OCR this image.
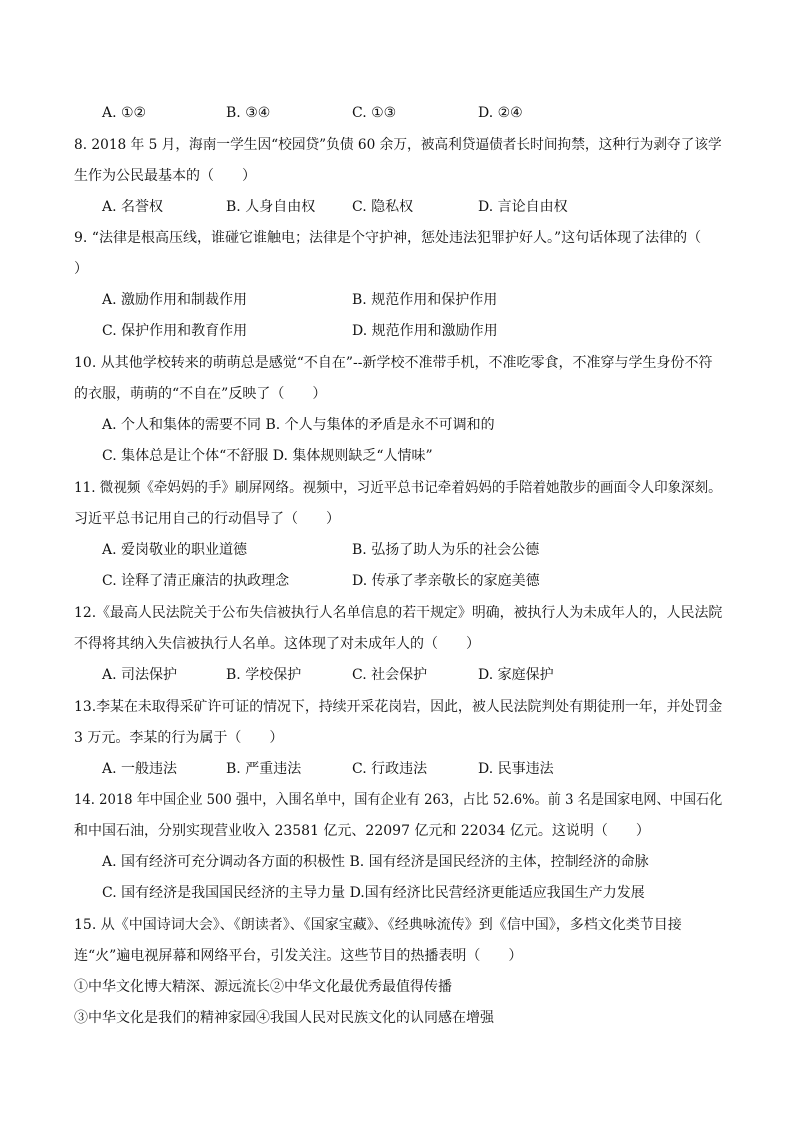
A. ①②	B. ③④	C. ①③	D. ②④
8. 2018 年 5 月，海南一学生因“校园贷”负债 60 余万，被高利贷逼债者长时间拘禁，这种行为剥夺了该学
生作为公民最基本的（　　）
A. 名誉权	B. 人身自由权	C. 隐私权	D. 言论自由权
9. “法律是根高压线，谁碰它谁触电；法律是个守护神，惩处违法犯罪护好人。”这句话体现了法律的（
）
A. 激励作用和制裁作用	B. 规范作用和保护作用
C. 保护作用和教育作用	D. 规范作用和激励作用
10. 从其他学校转来的萌萌总是感觉“不自在”--新学校不准带手机，不准吃零食，不准穿与学生身份不符
的衣服，萌萌的“不自在”反映了（　　）
A. 个人和集体的需要不同 B. 个人与集体的矛盾是永不可调和的
C. 集体总是让个体“不舒服 D. 集体规则缺乏“人情味”
11. 微视频《牵妈妈的手》刷屏网络。视频中，习近平总书记牵着妈妈的手陪着她散步的画面令人印象深刻。
习近平总书记用自己的行动倡导了（　　）
A. 爱岗敬业的职业道德	B. 弘扬了助人为乐的社会公德
C. 诠释了清正廉洁的执政理念	D. 传承了孝亲敬长的家庭美德
12.《最高人民法院关于公布失信被执行人名单信息的若干规定》明确，被执行人为未成年人的，人民法院
不得将其纳入失信被执行人名单。这体现了对未成年人的（　　）
A. 司法保护	B. 学校保护	C. 社会保护	D. 家庭保护
13.李某在未取得采矿许可证的情况下，持续开采花岗岩，因此，被人民法院判处有期徒刑一年，并处罚金
3 万元。李某的行为属于（　　）
A. 一般违法	B. 严重违法	C. 行政违法	D. 民事违法
14. 2018 年中国企业 500 强中，入围名单中，国有企业有 263，占比 52.6%。前 3 名是国家电网、中国石化
和中国石油，分别实现营业收入 23581 亿元、22097 亿元和 22034 亿元。这说明（　　）
A. 国有经济可充分调动各方面的积极性 B. 国有经济是国民经济的主体，控制经济的命脉
C. 国有经济是我国国民经济的主导力量 D.国有经济比民营经济更能适应我国生产力发展
15. 从《中国诗词大会》、《朗读者》、《国家宝藏》、《经典咏流传》到《信中国》，多档文化类节目接
连“火”遍电视屏幕和网络平台，引发关注。这些节目的热播表明（　　）
①中华文化博大精深、源远流长②中华文化最优秀最值得传播
③中华文化是我们的精神家园④我国人民对民族文化的认同感在增强
